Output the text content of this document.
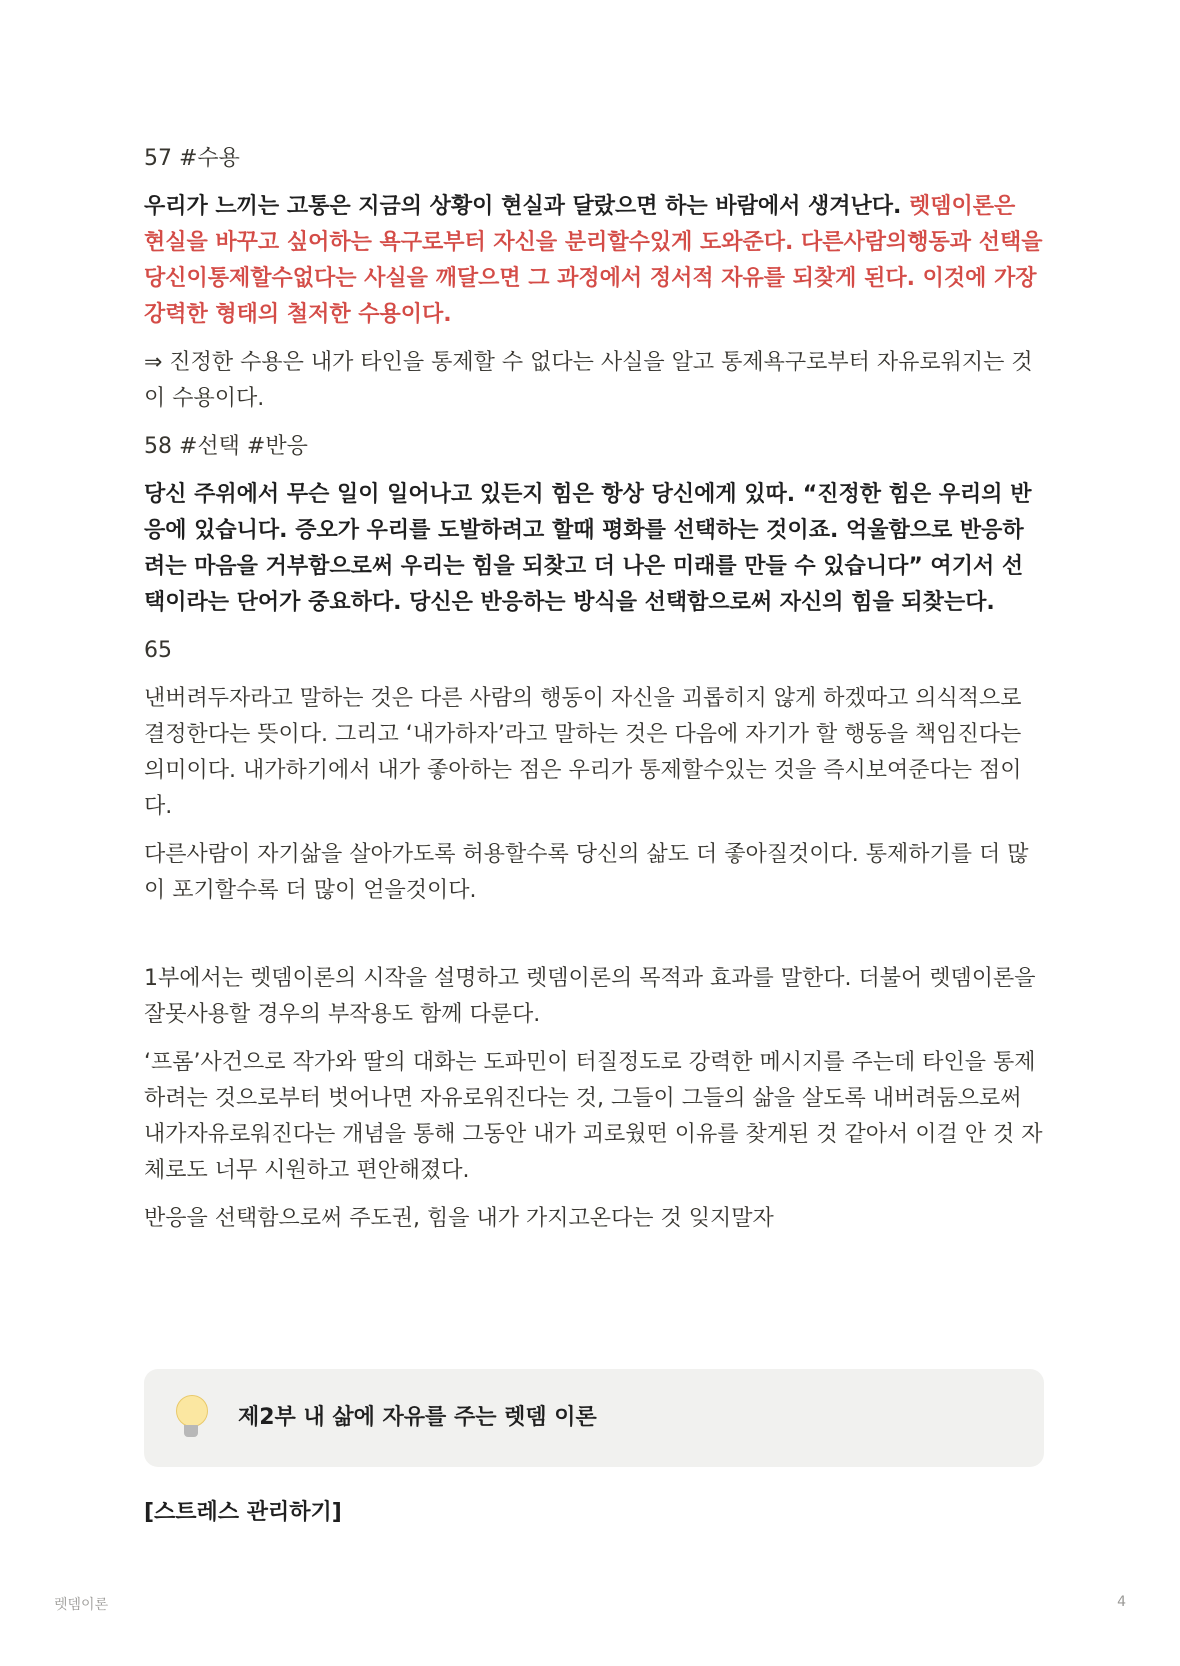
57 #수용

우리가 느끼는 고통은 지금의 상황이 현실과 달랐으면 하는 바람에서 생겨난다. 렛뎀이론은 현실을 바꾸고 싶어하는 욕구로부터 자신을 분리할수있게 도와준다. 다른사람의행동과 선택을 당신이통제할수없다는 사실을 깨달으면 그 과정에서 정서적 자유를 되찾게 된다. 이것에 가장 강력한 형태의 철저한 수용이다.

⇒ 진정한 수용은 내가 타인을 통제할 수 없다는 사실을 알고 통제욕구로부터 자유로워지는 것이 수용이다.

58 #선택 #반응

당신 주위에서 무슨 일이 일어나고 있든지 힘은 항상 당신에게 있따. “진정한 힘은 우리의 반응에 있습니다. 증오가 우리를 도발하려고 할때 평화를 선택하는 것이죠. 억울함으로 반응하려는 마음을 거부함으로써 우리는 힘을 되찾고 더 나은 미래를 만들 수 있습니다” 여기서 선택이라는 단어가 중요하다. 당신은 반응하는 방식을 선택함으로써 자신의 힘을 되찾는다.

65

낸버려두자라고 말하는 것은 다른 사람의 행동이 자신을 괴롭히지 않게 하겠따고 의식적으로 결정한다는 뜻이다. 그리고 ‘내가하자’라고 말하는 것은 다음에 자기가 할 행동을 책임진다는 의미이다. 내가하기에서 내가 좋아하는 점은 우리가 통제할수있는 것을 즉시보여준다는 점이다.

다른사람이 자기삶을 살아가도록 허용할수록 당신의 삶도 더 좋아질것이다. 통제하기를 더 많이 포기할수록 더 많이 얻을것이다.

1부에서는 렛뎀이론의 시작을 설명하고 렛뎀이론의 목적과 효과를 말한다. 더불어 렛뎀이론을 잘못사용할 경우의 부작용도 함께 다룬다.

‘프롬’사건으로 작가와 딸의 대화는 도파민이 터질정도로 강력한 메시지를 주는데 타인을 통제하려는 것으로부터 벗어나면 자유로워진다는 것, 그들이 그들의 삶을 살도록 내버려둠으로써 내가자유로워진다는 개념을 통해 그동안 내가 괴로웠떤 이유를 찾게된 것 같아서 이걸 안 것 자체로도 너무 시원하고 편안해졌다.

반응을 선택함으로써 주도권, 힘을 내가 가지고온다는 것 잊지말자

제2부 내 삶에 자유를 주는 렛뎀 이론

[스트레스 관리하기]

렛뎀이론	4
